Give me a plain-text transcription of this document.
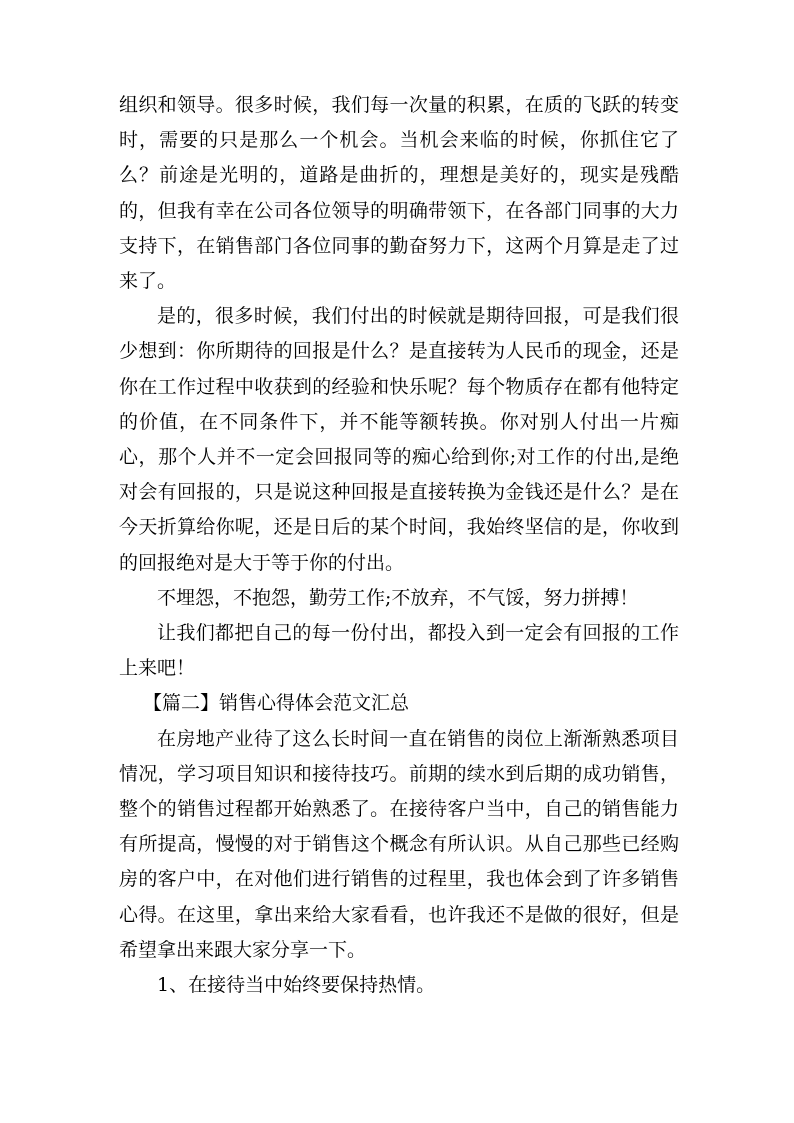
组织和领导。很多时候，我们每一次量的积累，在质的飞跃的转变时，需要的只是那么一个机会。当机会来临的时候，你抓住它了么？前途是光明的，道路是曲折的，理想是美好的，现实是残酷的，但我有幸在公司各位领导的明确带领下，在各部门同事的大力支持下，在销售部门各位同事的勤奋努力下，这两个月算是走了过来了。

是的，很多时候，我们付出的时候就是期待回报，可是我们很少想到：你所期待的回报是什么？是直接转为人民币的现金，还是你在工作过程中收获到的经验和快乐呢？每个物质存在都有他特定的价值，在不同条件下，并不能等额转换。你对别人付出一片痴心，那个人并不一定会回报同等的痴心给到你;对工作的付出,是绝对会有回报的，只是说这种回报是直接转换为金钱还是什么？是在今天折算给你呢，还是日后的某个时间，我始终坚信的是，你收到的回报绝对是大于等于你的付出。

不埋怨，不抱怨，勤劳工作;不放弃，不气馁，努力拼搏！

让我们都把自己的每一份付出，都投入到一定会有回报的工作上来吧！

【篇二】销售心得体会范文汇总

在房地产业待了这么长时间一直在销售的岗位上渐渐熟悉项目情况，学习项目知识和接待技巧。前期的续水到后期的成功销售，整个的销售过程都开始熟悉了。在接待客户当中，自己的销售能力有所提高，慢慢的对于销售这个概念有所认识。从自己那些已经购房的客户中，在对他们进行销售的过程里，我也体会到了许多销售心得。在这里，拿出来给大家看看，也许我还不是做的很好，但是希望拿出来跟大家分享一下。

1、在接待当中始终要保持热情。
